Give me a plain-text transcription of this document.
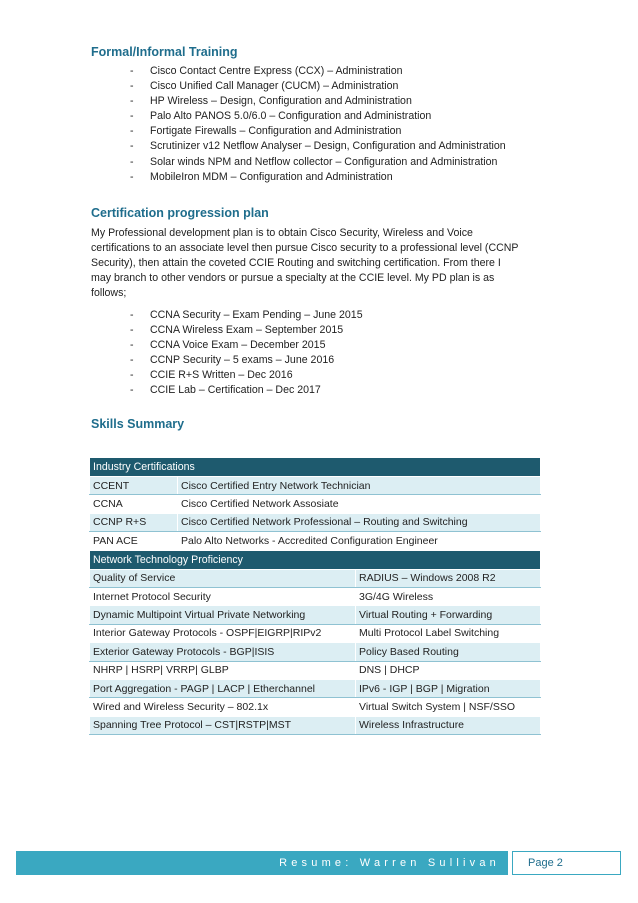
Formal/Informal Training
- Cisco Contact Centre Express (CCX) – Administration
- Cisco Unified Call Manager (CUCM) – Administration
- HP Wireless – Design, Configuration and Administration
- Palo Alto PANOS 5.0/6.0 – Configuration and Administration
- Fortigate Firewalls – Configuration and Administration
- Scrutinizer v12 Netflow Analyser – Design, Configuration and Administration
- Solar winds NPM and Netflow collector – Configuration and Administration
- MobileIron MDM – Configuration and Administration
Certification progression plan
My Professional development plan is to obtain Cisco Security, Wireless and Voice
certifications to an associate level then pursue Cisco security to a professional level (CCNP
Security), then attain the coveted CCIE Routing and switching certification. From there I
may branch to other vendors or pursue a specialty at the CCIE level. My PD plan is as
follows;
- CCNA Security – Exam Pending – June 2015
- CCNA Wireless Exam – September 2015
- CCNA Voice Exam – December 2015
- CCNP Security – 5 exams – June 2016
- CCIE R+S Written – Dec 2016
- CCIE Lab – Certification – Dec 2017
Skills Summary
Industry Certifications		
CCENT	Cisco Certified Entry Network Technician	
CCNA	Cisco Certified Network Assosiate	
CCNP R+S	Cisco Certified Network Professional – Routing and Switching	
PAN ACE	Palo Alto Networks - Accredited Configuration Engineer	
Network Technology Proficiency		
Quality of Service		RADIUS – Windows 2008 R2
Internet Protocol Security		3G/4G Wireless
Dynamic Multipoint Virtual Private Networking		Virtual Routing + Forwarding
Interior Gateway Protocols - OSPF|EIGRP|RIPv2		Multi Protocol Label Switching
Exterior Gateway Protocols - BGP|ISIS		Policy Based Routing
NHRP | HSRP| VRRP| GLBP		DNS | DHCP
Port Aggregation - PAGP | LACP | Etherchannel		IPv6 - IGP | BGP | Migration
Wired and Wireless Security – 802.1x		Virtual Switch System | NSF/SSO
Spanning Tree Protocol – CST|RSTP|MST		Wireless Infrastructure
Resume: Warren Sullivan	Page 2
